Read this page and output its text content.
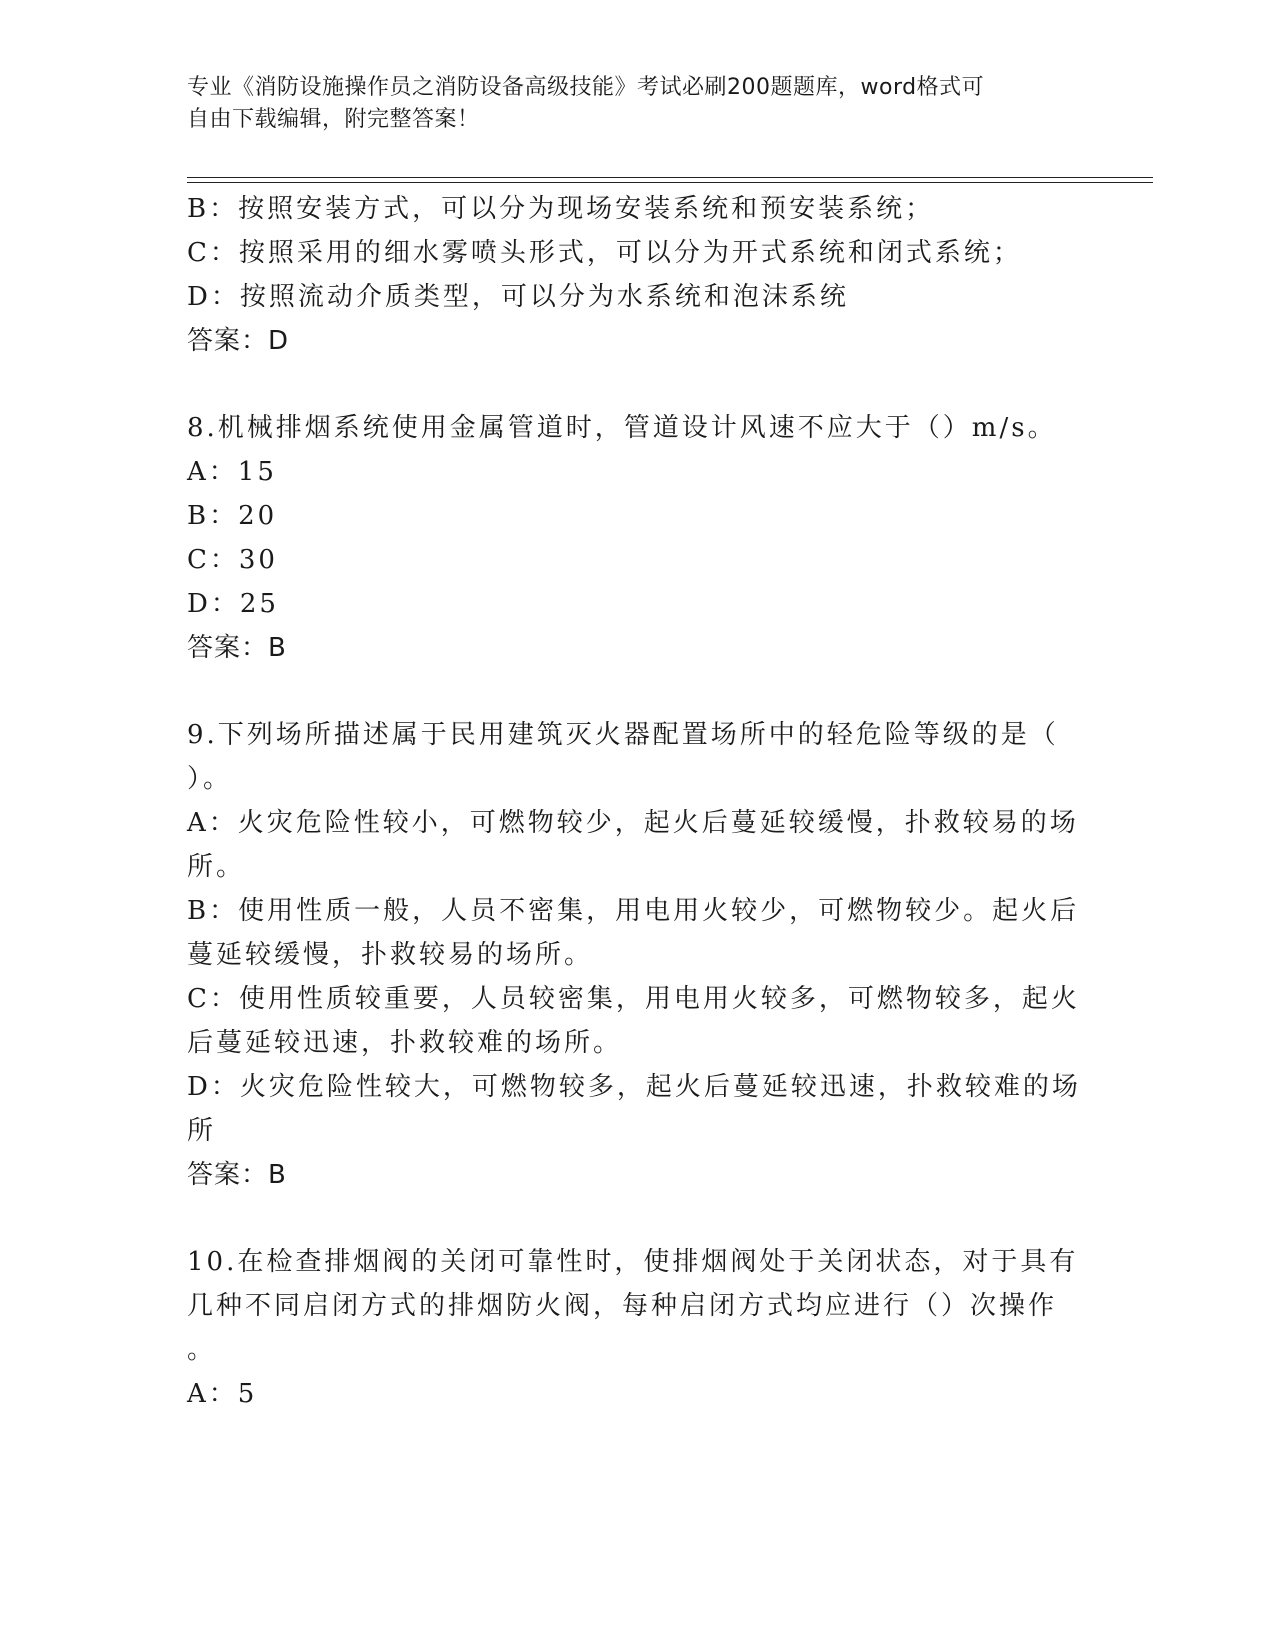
专业《消防设施操作员之消防设备高级技能》考试必刷200题题库，word格式可
自由下载编辑，附完整答案！
B：按照安装方式，可以分为现场安装系统和预安装系统；
C：按照采用的细水雾喷头形式，可以分为开式系统和闭式系统；
D：按照流动介质类型，可以分为水系统和泡沫系统
答案：D
8.机械排烟系统使用金属管道时，管道设计风速不应大于（）m/s。
A：15
B：20
C：30
D：25
答案：B
9.下列场所描述属于民用建筑灭火器配置场所中的轻危险等级的是（
）。
A：火灾危险性较小，可燃物较少，起火后蔓延较缓慢，扑救较易的场
所。
B：使用性质一般，人员不密集，用电用火较少，可燃物较少。起火后
蔓延较缓慢，扑救较易的场所。
C：使用性质较重要，人员较密集，用电用火较多，可燃物较多，起火
后蔓延较迅速，扑救较难的场所。
D：火灾危险性较大，可燃物较多，起火后蔓延较迅速，扑救较难的场
所
答案：B
10.在检查排烟阀的关闭可靠性时，使排烟阀处于关闭状态，对于具有
几种不同启闭方式的排烟防火阀，每种启闭方式均应进行（）次操作
。
A：5
